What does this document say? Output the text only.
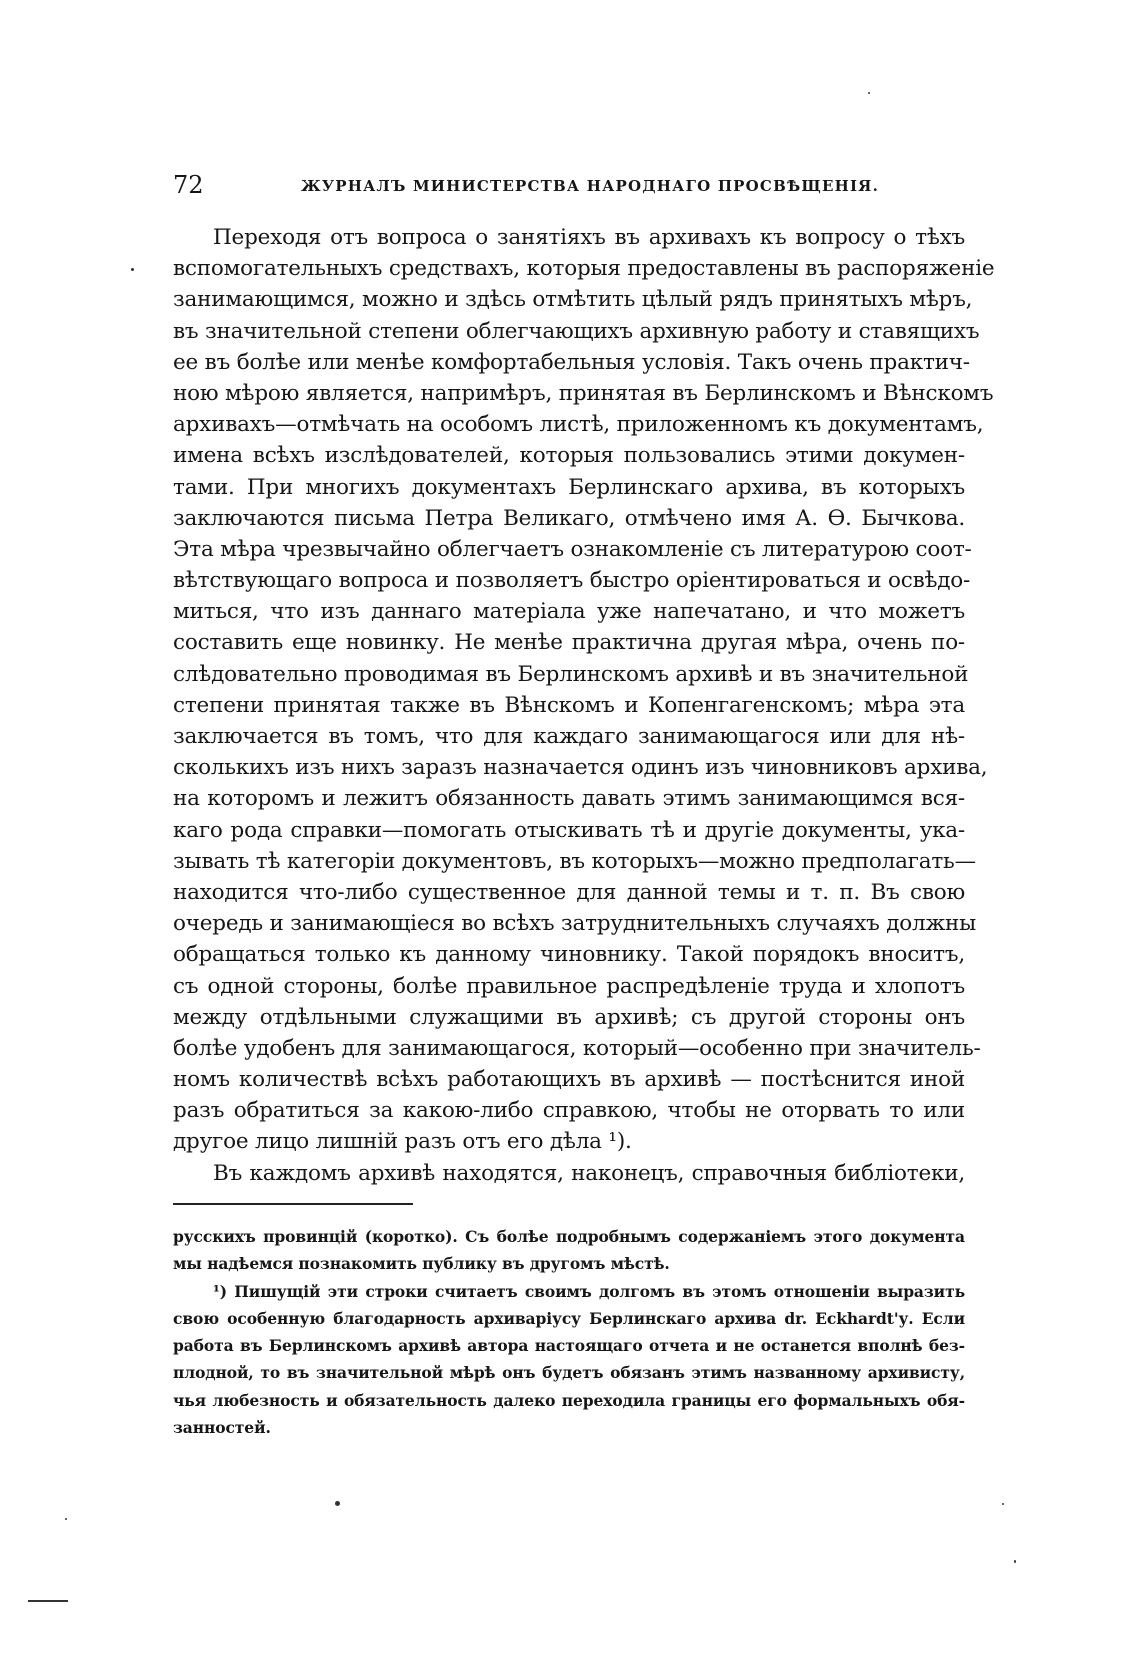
72	ЖУРНАЛЪ МИНИСТЕРСТВА НАРОДНАГО ПРОСВѢЩЕНІЯ.
Переходя отъ вопроса о занятіяхъ въ архивахъ къ вопросу о тѣхъ
вспомогательныхъ средствахъ, которыя предоставлены въ распоряженіе
занимающимся, можно и здѣсь отмѣтить цѣлый рядъ принятыхъ мѣръ,
въ значительной степени облегчающихъ архивную работу и ставящихъ
ее въ болѣе или менѣе комфортабельныя условія. Такъ очень практич-
ною мѣрою является, напримѣръ, принятая въ Берлинскомъ и Вѣнскомъ
архивахъ—отмѣчать на особомъ листѣ, приложенномъ къ документамъ,
имена всѣхъ изслѣдователей, которыя пользовались этими докумен-
тами. При многихъ документахъ Берлинскаго архива, въ которыхъ
заключаются письма Петра Великаго, отмѣчено имя А. Ѳ. Бычкова.
Эта мѣра чрезвычайно облегчаетъ ознакомленіе съ литературою соот-
вѣтствующаго вопроса и позволяетъ быстро оріентироваться и освѣдо-
миться, что изъ даннаго матеріала уже напечатано, и что можетъ
составить еще новинку. Не менѣе практична другая мѣра, очень по-
слѣдовательно проводимая въ Берлинскомъ архивѣ и въ значительной
степени принятая также въ Вѣнскомъ и Копенгагенскомъ; мѣра эта
заключается въ томъ, что для каждаго занимающагося или для нѣ-
сколькихъ изъ нихъ заразъ назначается одинъ изъ чиновниковъ архива,
на которомъ и лежитъ обязанность давать этимъ занимающимся вся-
каго рода справки—помогать отыскивать тѣ и другіе документы, ука-
зывать тѣ категоріи документовъ, въ которыхъ—можно предполагать—
находится что-либо существенное для данной темы и т. п. Въ свою
очередь и занимающіеся во всѣхъ затруднительныхъ случаяхъ должны
обращаться только къ данному чиновнику. Такой порядокъ вноситъ,
съ одной стороны, болѣе правильное распредѣленіе труда и хлопотъ
между отдѣльными служащими въ архивѣ; съ другой стороны онъ
болѣе удобенъ для занимающагося, который—особенно при значитель-
номъ количествѣ всѣхъ работающихъ въ архивѣ — постѣснится иной
разъ обратиться за какою-либо справкою, чтобы не оторвать то или
другое лицо лишній разъ отъ его дѣла ¹).
Въ каждомъ архивѣ находятся, наконецъ, справочныя библіотеки,
русскихъ провинцій (коротко). Съ болѣе подробнымъ содержаніемъ этого документа
мы надѣемся познакомить публику въ другомъ мѣстѣ.
¹) Пишущій эти строки считаетъ своимъ долгомъ въ этомъ отношеніи выразить
свою особенную благодарность архиваріусу Берлинскаго архива dr. Eckhardt'у. Если
работа въ Берлинскомъ архивѣ автора настоящаго отчета и не останется вполнѣ без-
плодной, то въ значительной мѣрѣ онъ будетъ обязанъ этимъ названному архивисту,
чья любезность и обязательность далеко переходила границы его формальныхъ обя-
занностей.
